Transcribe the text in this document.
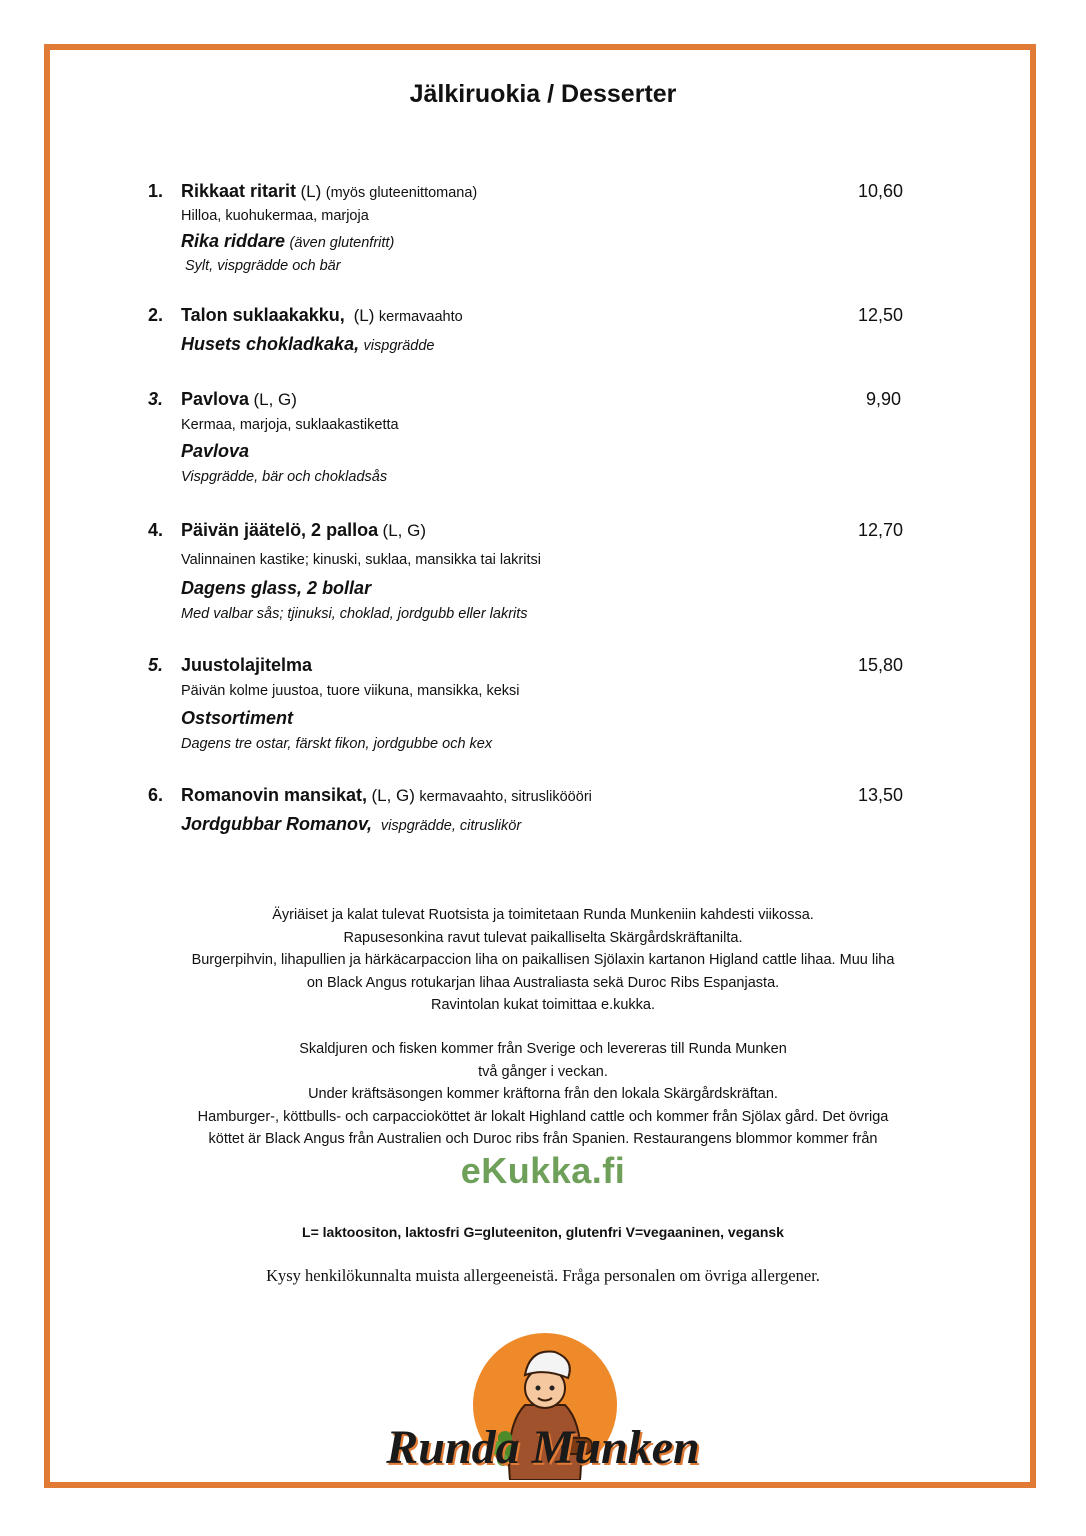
Jälkiruokia / Desserter
1. Rikkaat ritarit (L) (myös gluteenittomana)
Hilloa, kuohukermaa, marjoja
Rika riddare (även glutenfritt)
Sylt, vispgrädde och bär
10,60
2. Talon suklaakakku, (L) kermavaahto
Husets chokladkaka, vispgrädde
12,50
3. Pavlova (L, G)
Kermaa, marjoja, suklaakastiketta
Pavlova
Vispgrädde, bär och chokladsås
9,90
4. Päivän jäätelö, 2 palloa (L, G)
Valinnainen kastike; kinuski, suklaa, mansikka tai lakritsi
Dagens glass, 2 bollar
Med valbar sås; tjinuksi, choklad, jordgubb eller lakrits
12,70
5. Juustolajitelma
Päivän kolme juustoa, tuore viikuna, mansikka, keksi
Ostsortiment
Dagens tre ostar, färskt fikon, jordgubbe och kex
15,80
6. Romanovin mansikat, (L, G) kermavaahto, sitrusliköööri
Jordgubbar Romanov, vispgrädde, citruslikör
13,50
Äyriäiset ja kalat tulevat Ruotsista ja toimitetaan Runda Munkeniin kahdesti viikossa.
Rapusesonkina ravut tulevat paikalliselta Skärgårdskräftanilta.
Burgerpihvin, lihapullien ja härkäcarpaccion liha on paikallisen Sjölaxin kartanon Higland cattle lihaa. Muu liha
on Black Angus rotukarjan lihaa Australiasta sekä Duroc Ribs Espanjasta.
Ravintolan kukat toimittaa e.kukka.
Skaldjuren och fisken kommer från Sverige och levereras till Runda Munken
två gånger i veckan.
Under kräftsäsongen kommer kräftorna från den lokala Skärgårdskräftan.
Hamburger-, köttbulls- och carpaccioköttet är lokalt Highland cattle och kommer från Sjölax gård. Det övriga
köttet är Black Angus från Australien och Duroc ribs från Spanien. Restaurangens blommor kommer från
eKukka.fi
L= laktoositon, laktosfri G=gluteeniton, glutenfri V=vegaaninen, vegansk
Kysy henkilökunnalta muista allergeeneistä. Fråga personalen om övriga allergener.
Runda Munken
